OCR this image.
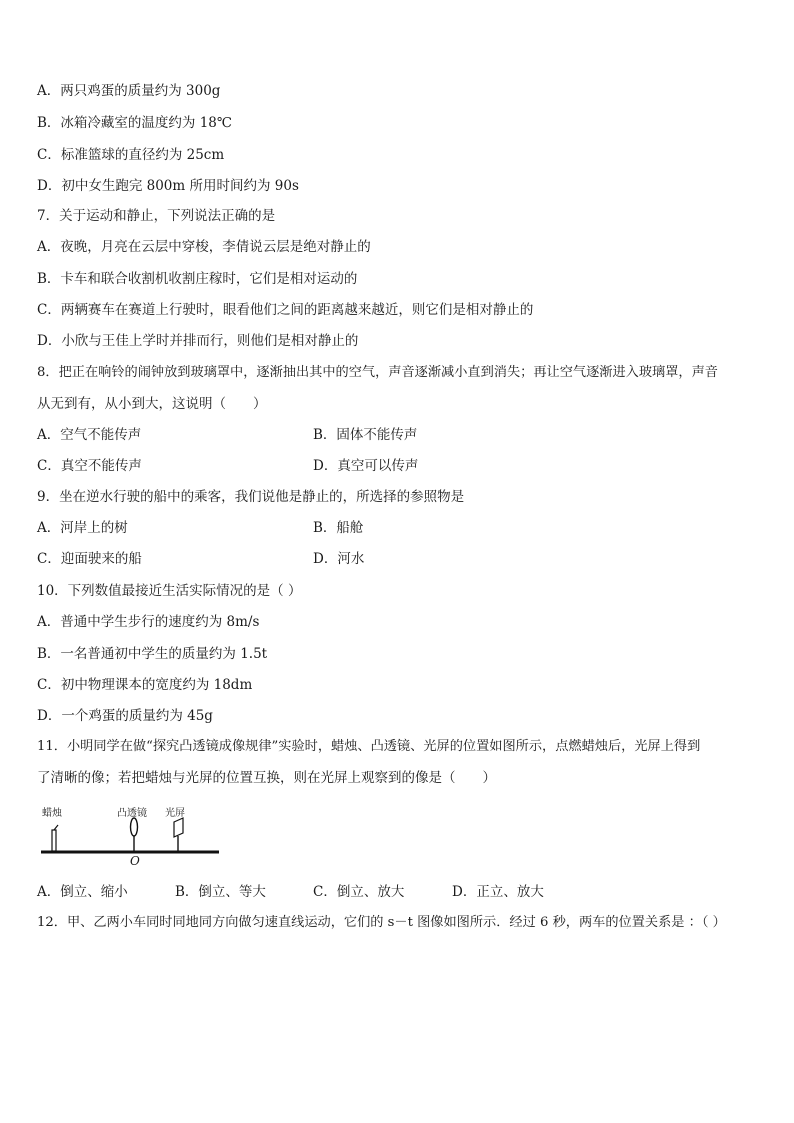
A．两只鸡蛋的质量约为 300g
B．冰箱冷藏室的温度约为 18℃
C．标准篮球的直径约为 25cm
D．初中女生跑完 800m 所用时间约为 90s
7．关于运动和静止，下列说法正确的是
A．夜晚，月亮在云层中穿梭，李倩说云层是绝对静止的
B．卡车和联合收割机收割庄稼时，它们是相对运动的
C．两辆赛车在赛道上行驶时，眼看他们之间的距离越来越近，则它们是相对静止的
D．小欣与王佳上学时并排而行，则他们是相对静止的
8．把正在响铃的闹钟放到玻璃罩中，逐渐抽出其中的空气，声音逐渐减小直到消失；再让空气逐渐进入玻璃罩，声音
从无到有，从小到大，这说明（　　）
A．空气不能传声	B．固体不能传声
C．真空不能传声	D．真空可以传声
9．坐在逆水行驶的船中的乘客，我们说他是静止的，所选择的参照物是
A．河岸上的树	B．船舱
C．迎面驶来的船	D．河水
10．下列数值最接近生活实际情况的是（ ）
A．普通中学生步行的速度约为 8m/s
B．一名普通初中学生的质量约为 1.5t
C．初中物理课本的宽度约为 18dm
D．一个鸡蛋的质量约为 45g
11．小明同学在做“探究凸透镜成像规律”实验时，蜡烛、凸透镜、光屏的位置如图所示，点燃蜡烛后，光屏上得到
了清晰的像；若把蜡烛与光屏的位置互换，则在光屏上观察到的像是（　　）
蜡烛	凸透镜 光屏
O
A．倒立、缩小	B．倒立、等大	C．倒立、放大	D．正立、放大
12．甲、乙两小车同时同地同方向做匀速直线运动，它们的 s－t 图像如图所示．经过 6 秒，两车的位置关系是 ：（ ）
